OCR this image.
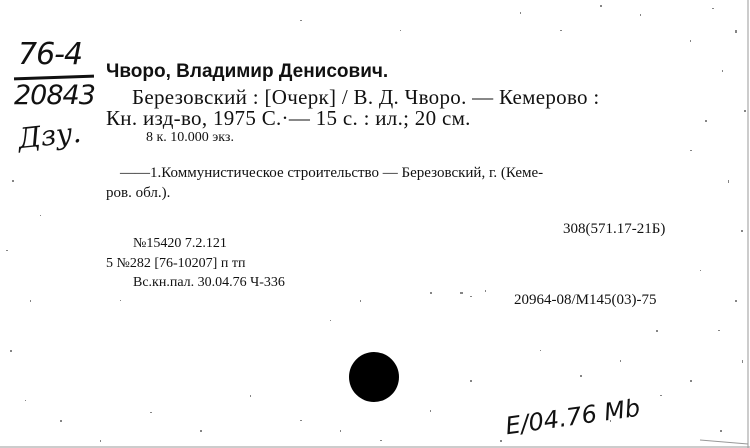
76-4
20843
Дзу.
Чворо, Владимир Денисович.
Березовский : [Очерк] / В. Д. Чворо. — Кемерово :
Кн. изд-во, 1975 С.·— 15 с. : ил.; 20 см.
8 к. 10.000 экз.
——1.Коммунистическое строительство — Березовский, г. (Кеме-
ров. обл.).
308(571.17-21Б)
№15420 7.2.121
5 №282 [76-10207] п тп
Вс.кн.пал. 30.04.76 Ч-336
20964-08/М145(03)-75
Е/04.76 Mb
